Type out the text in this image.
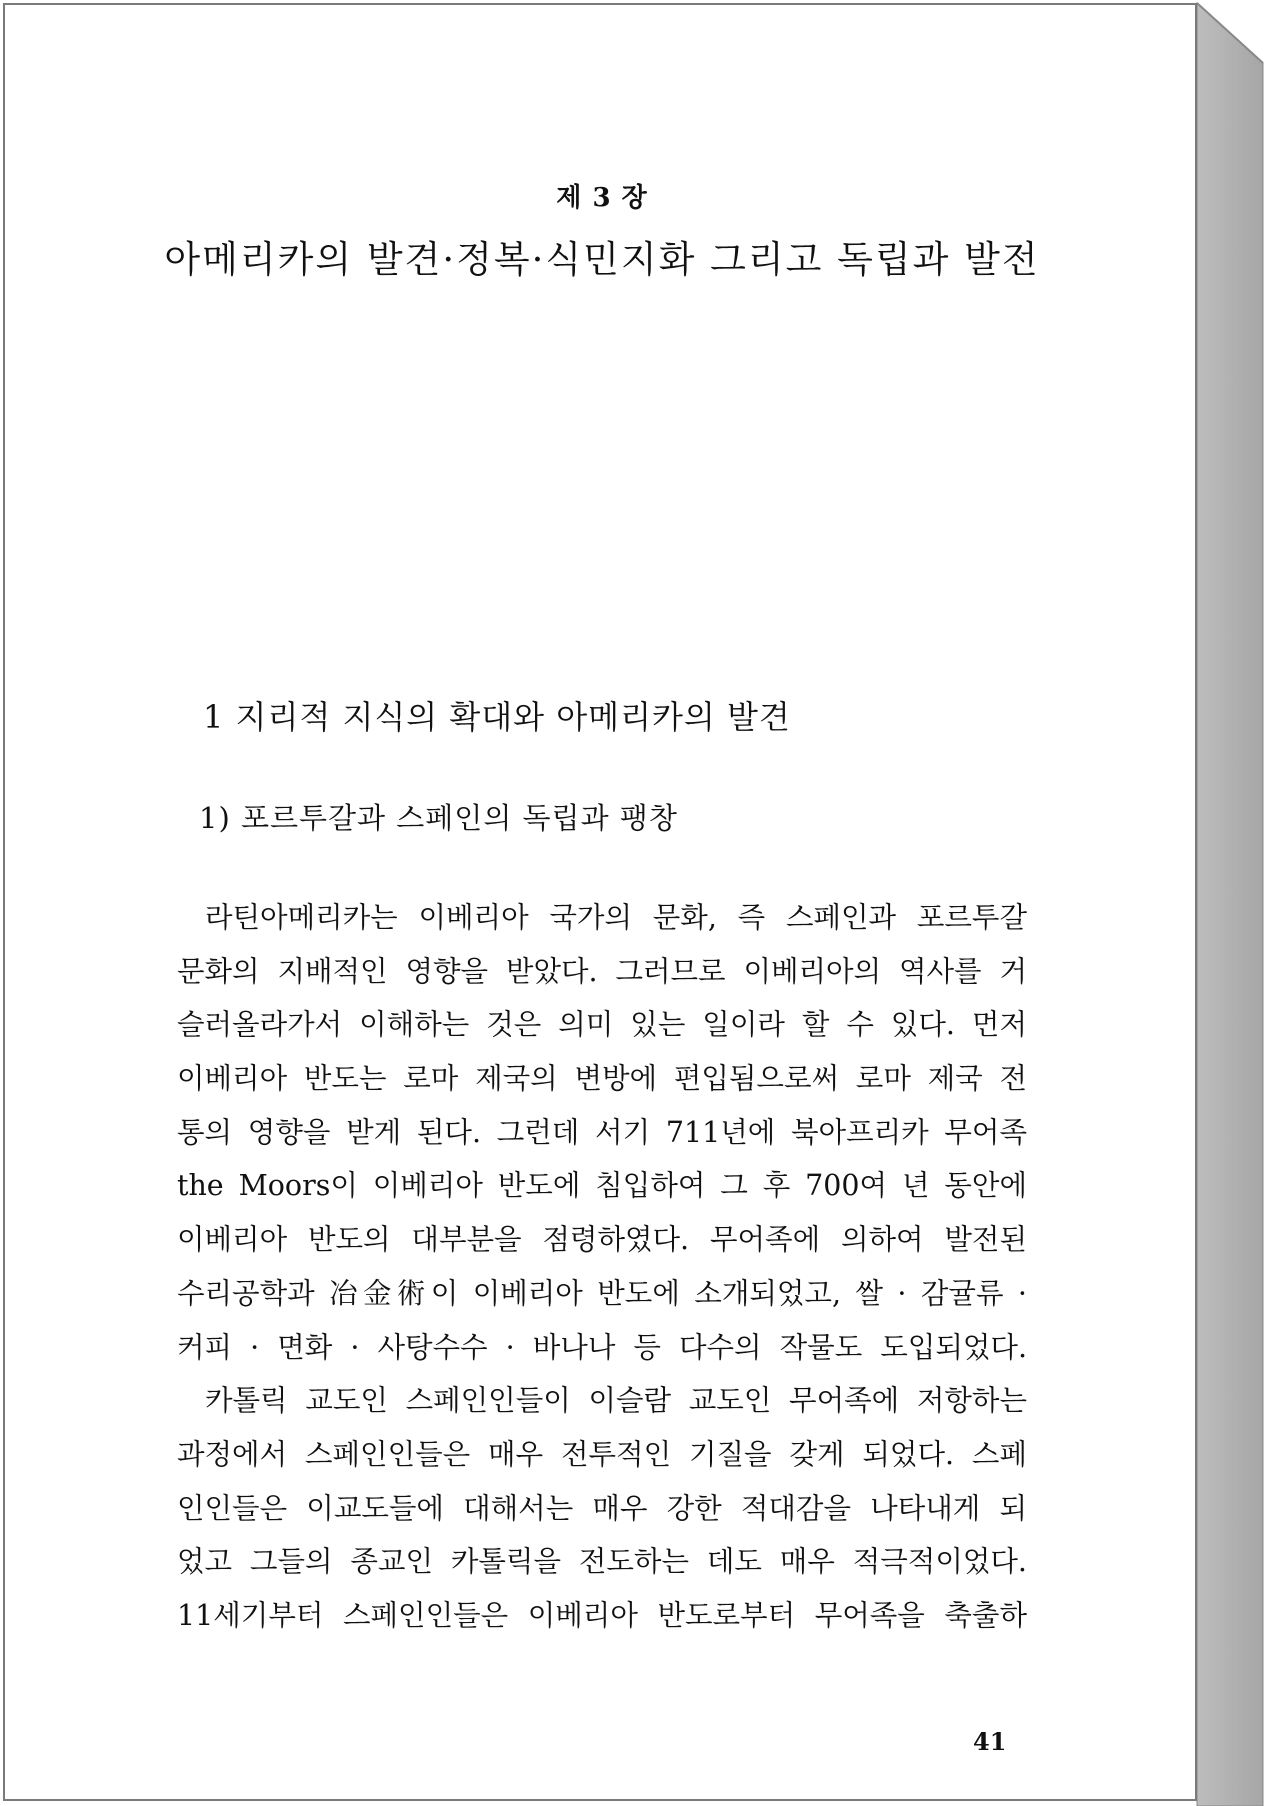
제 3 장
아메리카의 발견·정복·식민지화 그리고 독립과 발전
1 지리적 지식의 확대와 아메리카의 발견
1) 포르투갈과 스페인의 독립과 팽창
라틴아메리카는 이베리아 국가의 문화, 즉 스페인과 포르투갈
문화의 지배적인 영향을 받았다. 그러므로 이베리아의 역사를 거
슬러올라가서 이해하는 것은 의미 있는 일이라 할 수 있다. 먼저
이베리아 반도는 로마 제국의 변방에 편입됨으로써 로마 제국 전
통의 영향을 받게 된다. 그런데 서기 711년에 북아프리카 무어족
the Moors이 이베리아 반도에 침입하여 그 후 700여 년 동안에
이베리아 반도의 대부분을 점령하였다. 무어족에 의하여 발전된
수리공학과 冶金術이 이베리아 반도에 소개되었고, 쌀 · 감귤류 ·
커피 · 면화 · 사탕수수 · 바나나 등 다수의 작물도 도입되었다.
카톨릭 교도인 스페인인들이 이슬람 교도인 무어족에 저항하는
과정에서 스페인인들은 매우 전투적인 기질을 갖게 되었다. 스페
인인들은 이교도들에 대해서는 매우 강한 적대감을 나타내게 되
었고 그들의 종교인 카톨릭을 전도하는 데도 매우 적극적이었다.
11세기부터 스페인인들은 이베리아 반도로부터 무어족을 축출하
41
